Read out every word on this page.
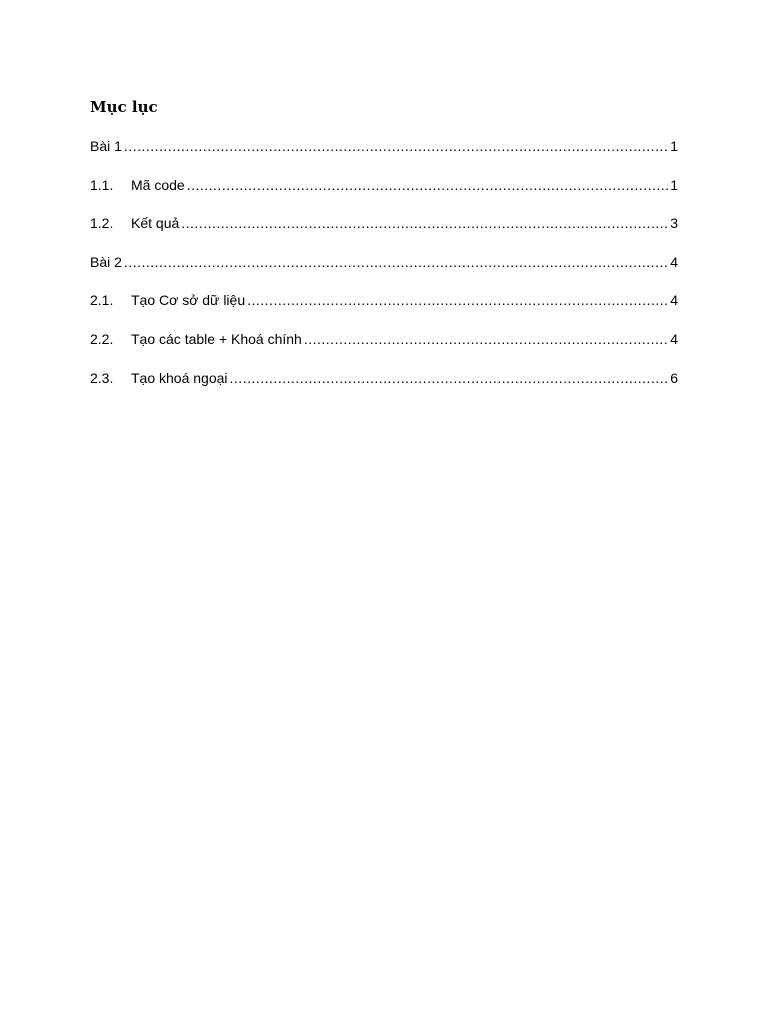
Mục lục
Bài 1 .....	1
1.1.	Mã code .....	1
1.2.	Kết quả .....	3
Bài 2 .....	4
2.1.	Tạo Cơ sở dữ liệu .....	4
2.2.	Tạo các table + Khoá chính .....	4
2.3.	Tạo khoá ngoại .....	6
